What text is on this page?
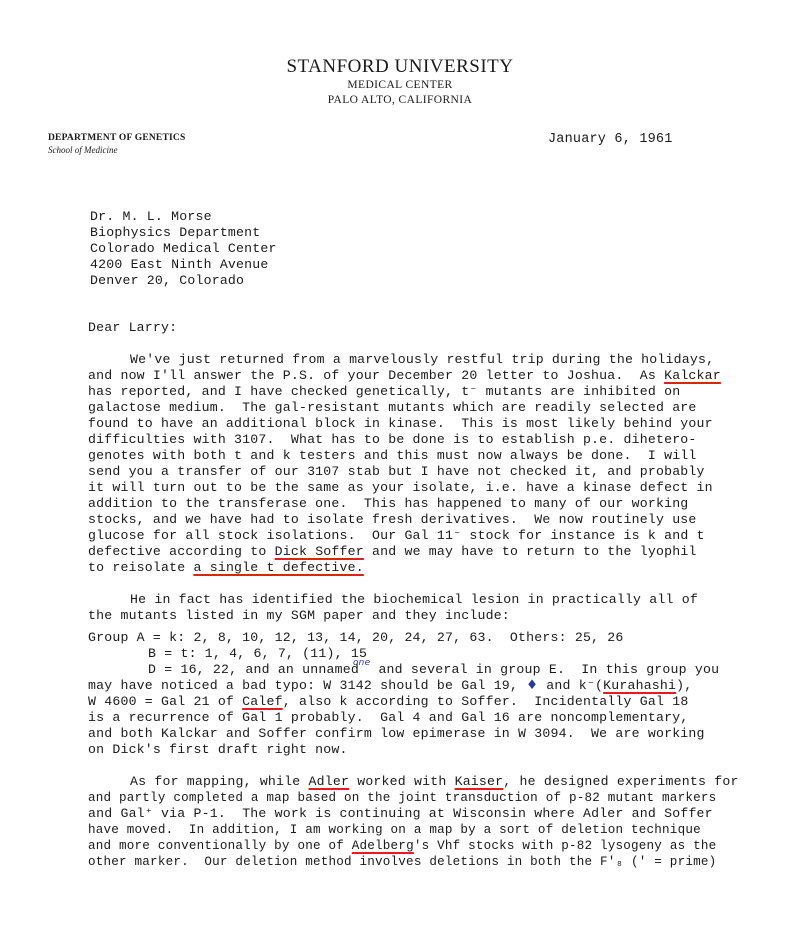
STANFORD UNIVERSITY
MEDICAL CENTER
PALO ALTO, CALIFORNIA
DEPARTMENT OF GENETICS
School of Medicine
January 6, 1961
Dr. M. L. Morse
Biophysics Department
Colorado Medical Center
4200 East Ninth Avenue
Denver 20, Colorado
Dear Larry:
We've just returned from a marvelously restful trip during the holidays,
and now I'll answer the P.S. of your December 20 letter to Joshua.  As Kalckar
has reported, and I have checked genetically, t⁻ mutants are inhibited on
galactose medium.  The gal-resistant mutants which are readily selected are
found to have an additional block in kinase.  This is most likely behind your
difficulties with 3107.  What has to be done is to establish p.e. dihetero-
genotes with both t and k testers and this must now always be done.  I will
send you a transfer of our 3107 stab but I have not checked it, and probably
it will turn out to be the same as your isolate, i.e. have a kinase defect in
addition to the transferase one.  This has happened to many of our working
stocks, and we have had to isolate fresh derivatives.  We now routinely use
glucose for all stock isolations.  Our Gal 11⁻ stock for instance is k and t
defective according to Dick Soffer and we may have to return to the lyophil
to reisolate a single t defective.
He in fact has identified the biochemical lesion in practically all of
the mutants listed in my SGM paper and they include:
Group A = k: 2, 8, 10, 12, 13, 14, 20, 24, 27, 63.  Others: 25, 26
B = t: 1, 4, 6, 7, (11), 15
D = 16, 22, and an unnamed$^{one}$ and several in group E.  In this group you
may have noticed a bad typo: W 3142 should be Gal 19, ♦ and k⁻(Kurahashi),
W 4600 = Gal 21 of Calef, also k according to Soffer.  Incidentally Gal 18
is a recurrence of Gal 1 probably.  Gal 4 and Gal 16 are noncomplementary,
and both Kalckar and Soffer confirm low epimerase in W 3094.  We are working
on Dick's first draft right now.
As for mapping, while Adler worked with Kaiser, he designed experiments for
and partly completed a map based on the joint transduction of p-82 mutant markers
and Gal⁺ via P-1.  The work is continuing at Wisconsin where Adler and Soffer
have moved.  In addition, I am working on a map by a sort of deletion technique
and more conventionally by one of Adelberg's Vhf stocks with p-82 lysogeny as the
other marker.  Our deletion method involves deletions in both the F'₈ (' = prime)
